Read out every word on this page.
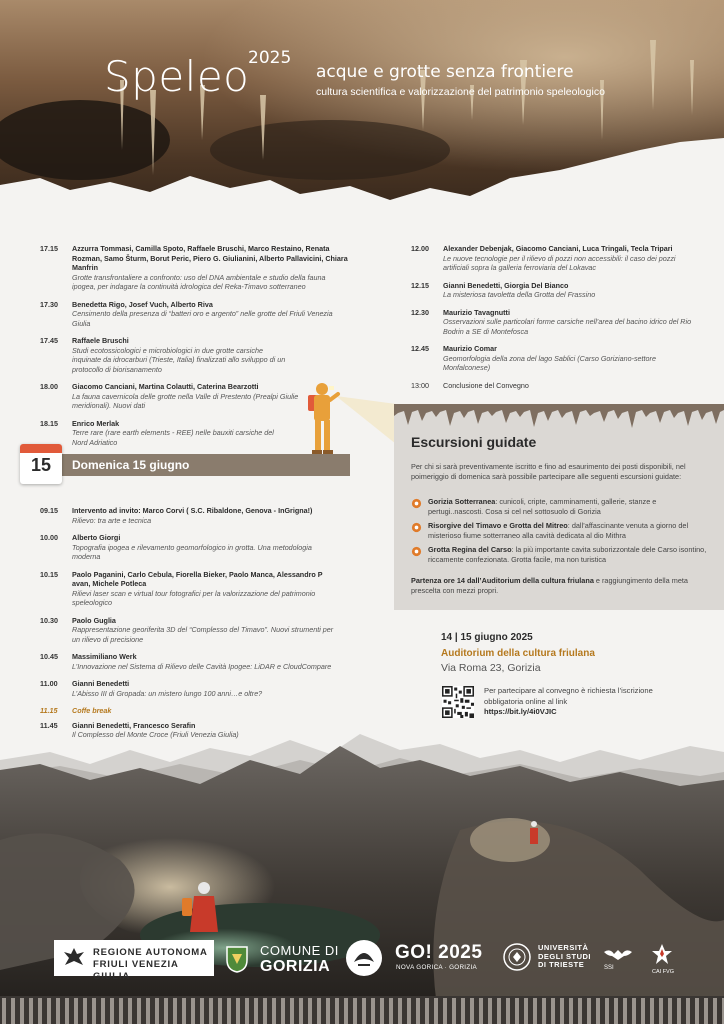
Speleo
2025
acque e grotte senza frontiere
cultura scientifica e valorizzazione del patrimonio speleologico
17.15 Azzurra Tommasi, Camilla Spoto, Raffaele Bruschi, Marco Restaino, Renata Rozman, Samo Šturm, Borut Peric, Piero G. Giulianini, Alberto Pallavicini, Chiara Manfrin
Grotte transfrontaliere a confronto: uso del DNA ambientale e studio della fauna ipogea, per indagare la continuità idrologica del Reka-Timavo sotterraneo
17.30 Benedetta Rigo, Josef Vuch, Alberto Riva
Censimento della presenza di “batteri oro e argento” nelle grotte del Friuli Venezia Giulia
17.45 Raffaele Bruschi
Studi ecotossicologici e microbiologici in due grotte carsiche inquinate da idrocarburi (Trieste, Italia) finalizzati allo sviluppo di un protocollo di biorisanamento
18.00 Giacomo Canciani, Martina Colautti, Caterina Bearzotti
La fauna cavernicola delle grotte nella Valle di Prestento (Prealpi Giulie meridionali). Nuovi dati
18.15 Enrico Merlak
Terre rare (rare earth elements - REE) nelle bauxiti carsiche del Nord Adriatico
15	Domenica 15 giugno
09.15 Intervento ad invito: Marco Corvi ( S.C. Ribaldone, Genova - InGrigna!)
Rilievo: tra arte e tecnica
10.00 Alberto Giorgi
Topografia ipogea e rilevamento geomorfologico in grotta. Una metodologia moderna
10.15 Paolo Paganini, Carlo Cebula, Fiorella Bieker, Paolo Manca, Alessandro P avan, Michele Potleca
Rilievi laser scan e virtual tour fotografici per la valorizzazione del patrimonio speleologico
10.30 Paolo Guglia
Rappresentazione georiferita 3D del “Complesso del Timavo”. Nuovi strumenti per un rilievo di precisione
10.45 Massimiliano Werk
L’Innovazione nel Sistema di Rilievo delle Cavità Ipogee: LiDAR e CloudCompare
11.00 Gianni Benedetti
L’Abisso III di Gropada: un mistero lungo 100 anni…e oltre?
11.15 Coffe break
11.45 Gianni Benedetti, Francesco Serafin
Il Complesso del Monte Croce (Friuli Venezia Giulia)
12.00 Alexander Debenjak, Giacomo Canciani, Luca Tringali, Tecla Tripari
Le nuove tecnologie per il rilievo di pozzi non accessibili: il caso dei pozzi artificiali sopra la galleria ferroviaria del Lokavac
12.15 Gianni Benedetti, Giorgia Del Bianco
La misteriosa tavoletta della Grotta del Frassino
12.30 Maurizio Tavagnutti
Osservazioni sulle particolari forme carsiche nell’area del bacino idrico del Rio Bodrin a SE di Montefosca
12.45 Maurizio Comar
Geomorfologia della zona del lago Sablici (Carso Goriziano-settore Monfalconese)
13:00 Conclusione del Convegno
Escursioni guidate
Per chi si sarà preventivamente iscritto e fino ad esaurimento dei posti disponibili, nel poimeriggio di domenica sarà possibile partecipare alle seguenti escursioni guidate:
Gorizia Sotterranea: cunicoli, cripte, camminamenti, gallerie, stanze e pertugi..nascosti. Cosa si cel nel sottosuolo di Gorizia
Risorgive del Timavo e Grotta del Mitreo: dall’affascinante venuta a giorno del misterioso fiume sotterraneo alla cavità dedicata al dio Mithra
Grotta Regina del Carso: la più importante cavita suborizzontale dele Carso isontino, riccamente confezionata. Grotta facile, ma non turistica
Partenza ore 14 dall’Auditorium della cultura friulana e raggiungimento della meta prescelta con mezzi propri.
14 | 15 giugno 2025
Auditorium della cultura friulana
Via Roma 23, Gorizia
Per partecipare al convegno è richiesta l’iscrizione obbligatoria online al link
https://bit.ly/4i0VJIC
REGIONE AUTONOMA
FRIULI VENEZIA GIULIA
COMUNE DI
GORIZIA
GO! 2025
NOVA GORICA · GORIZIA
UNIVERSITÀ
DEGLI STUDI
DI TRIESTE	SSI
CAI FVG
